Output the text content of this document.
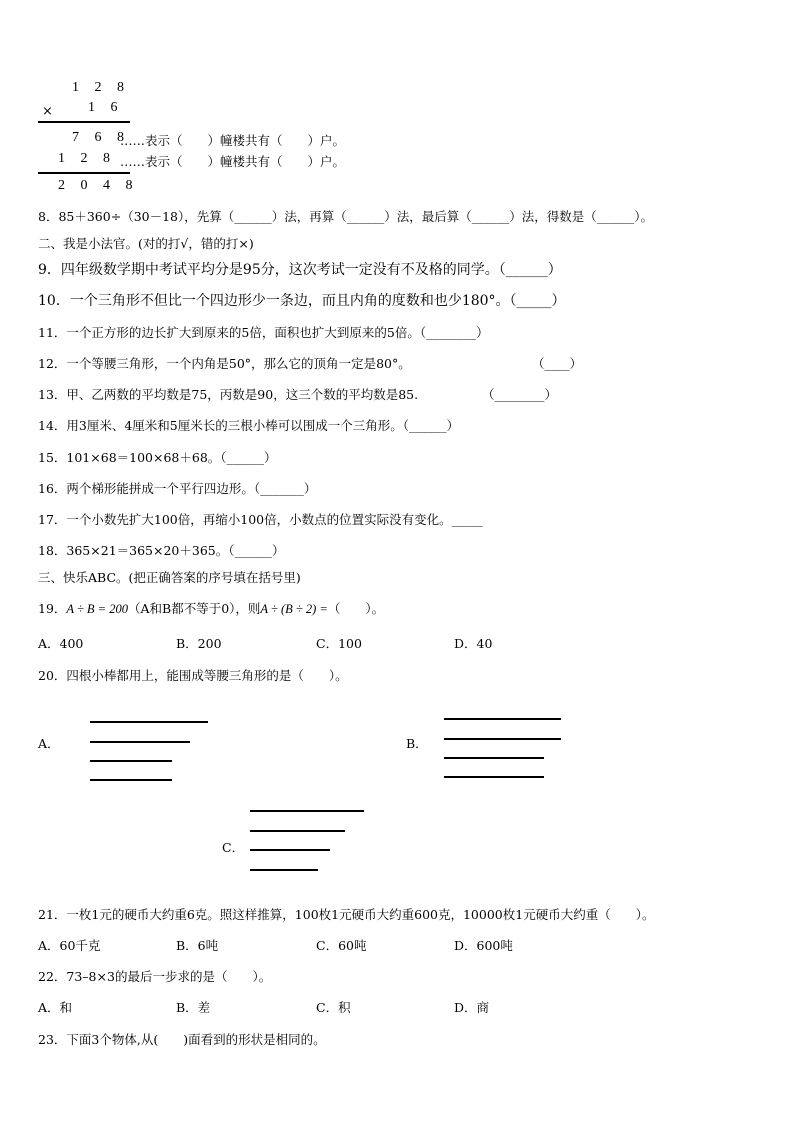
1 2 8
×	1 6
7 6 8
……表示（　　）幢楼共有（　　）户。
1 2 8 ……表示（　　）幢楼共有（　　）户。
2 0 4 8
8．85＋360÷（30－18），先算（______）法，再算（______）法，最后算（______）法，得数是（______）。
二、我是小法官。(对的打√，错的打×)
9．四年级数学期中考试平均分是95分，这次考试一定没有不及格的同学。（______）
10．一个三角形不但比一个四边形少一条边，而且内角的度数和也少180°。（_____）
11．一个正方形的边长扩大到原来的5倍，面积也扩大到原来的5倍。（________）
12．一个等腰三角形，一个内角是50°，那么它的顶角一定是80°。	（____）
13．甲、乙两数的平均数是75，丙数是90，这三个数的平均数是85.	（________）
14．用3厘米、4厘米和5厘米长的三根小棒可以围成一个三角形。（______）
15．101×68＝100×68＋68。（______）
16．两个梯形能拼成一个平行四边形。（_______）
17．一个小数先扩大100倍，再缩小100倍，小数点的位置实际没有变化。_____
18．365×21＝365×20＋365。（______）
三、快乐ABC。(把正确答案的序号填在括号里)
19．A ÷ B = 200（A和B都不等于0），则A ÷ (B ÷ 2) =（　　）。
A．400	B．200	C．100	D．40
20．四根小棒都用上，能围成等腰三角形的是（　　）。
A．	B．
C．
21．一枚1元的硬币大约重6克。照这样推算，100枚1元硬币大约重600克，10000枚1元硬币大约重（　　）。
A．60千克	B．6吨	C．60吨	D．600吨
22．73–8×3的最后一步求的是（　　）。
A．和	B．差	C．积	D．商
23．下面3个物体,从(　　)面看到的形状是相同的。
